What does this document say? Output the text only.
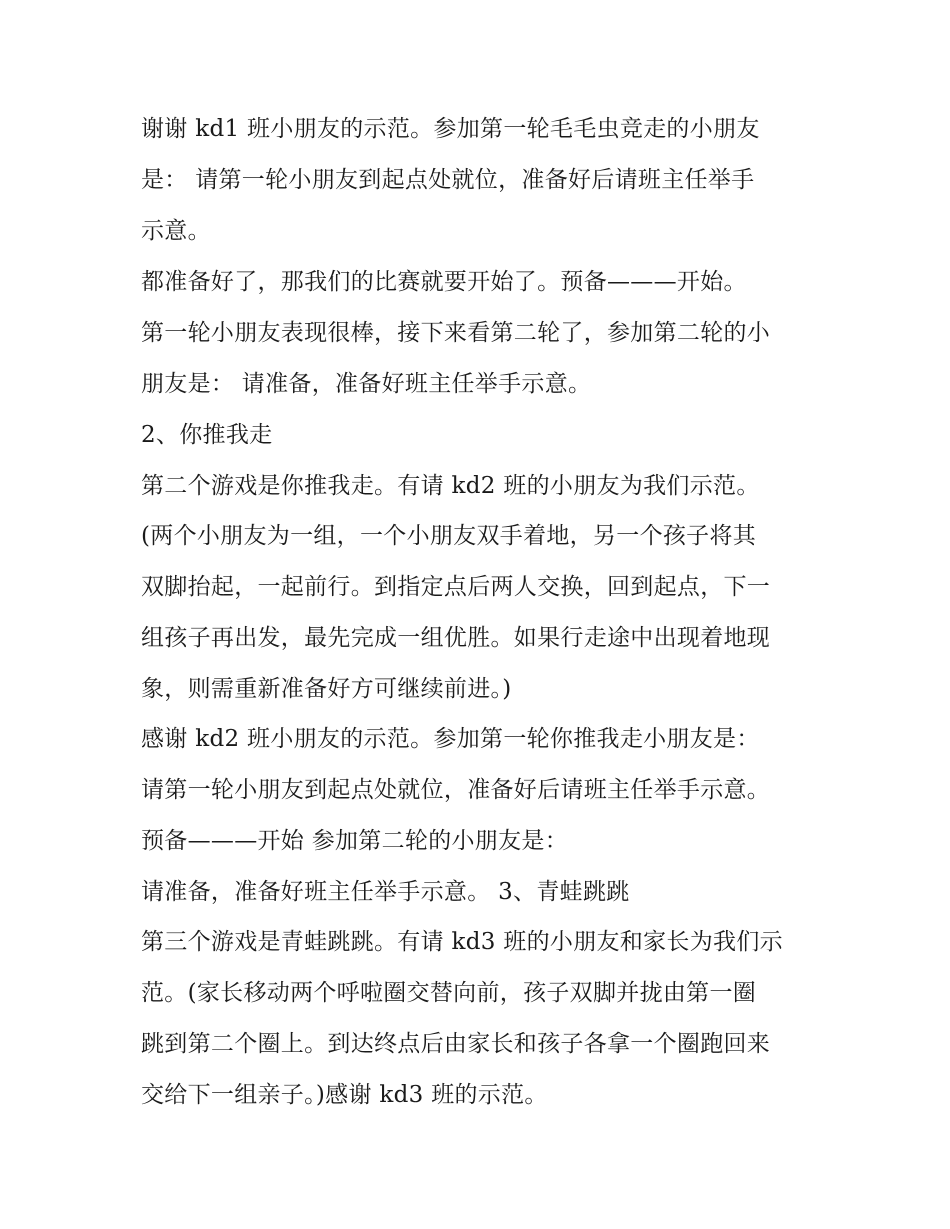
谢谢 kd1 班小朋友的示范。参加第一轮毛毛虫竞走的小朋友
是： 请第一轮小朋友到起点处就位，准备好后请班主任举手
示意。
都准备好了，那我们的比赛就要开始了。预备———开始。
第一轮小朋友表现很棒，接下来看第二轮了，参加第二轮的小
朋友是： 请准备，准备好班主任举手示意。
2、你推我走
第二个游戏是你推我走。有请 kd2 班的小朋友为我们示范。
(两个小朋友为一组，一个小朋友双手着地，另一个孩子将其
双脚抬起，一起前行。到指定点后两人交换，回到起点，下一
组孩子再出发，最先完成一组优胜。如果行走途中出现着地现
象，则需重新准备好方可继续前进。)
感谢 kd2 班小朋友的示范。参加第一轮你推我走小朋友是：
请第一轮小朋友到起点处就位，准备好后请班主任举手示意。
预备———开始 参加第二轮的小朋友是：
请准备，准备好班主任举手示意。 3、青蛙跳跳
第三个游戏是青蛙跳跳。有请 kd3 班的小朋友和家长为我们示
范。(家长移动两个呼啦圈交替向前，孩子双脚并拢由第一圈
跳到第二个圈上。到达终点后由家长和孩子各拿一个圈跑回来
交给下一组亲子。)感谢 kd3 班的示范。
